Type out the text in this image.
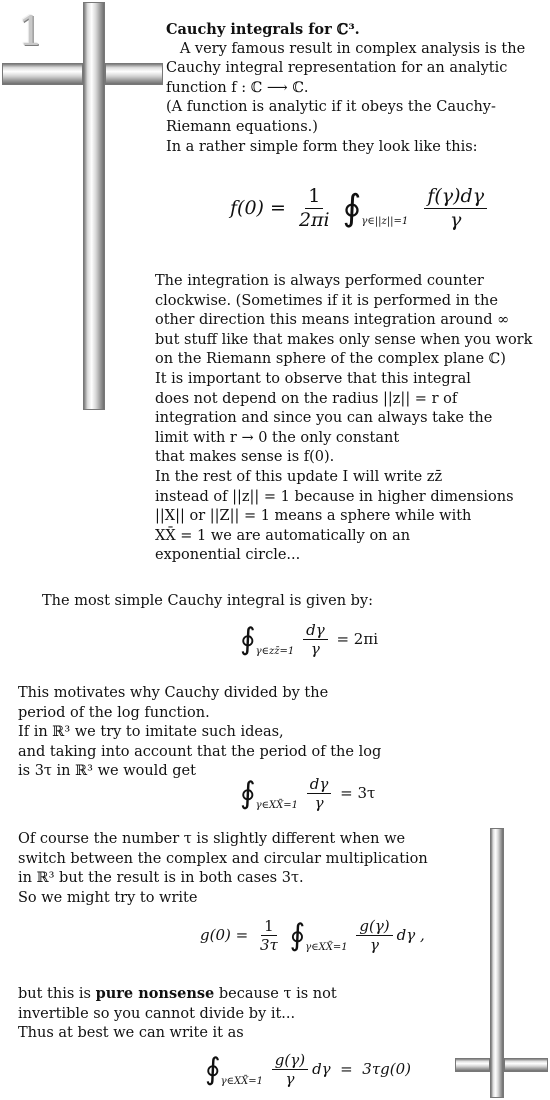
1	Cauchy integrals for ℂ³.
A very famous result in complex analysis is the
Cauchy integral representation for an analytic
function f : ℂ ⟶ ℂ.
(A function is analytic if it obeys the Cauchy-
Riemann equations.)
In a rather simple form they look like this:
$f(0) = \frac{1}{2\pi i}$ $∮_{\gamma\in||z||=1} \frac{f(\gamma)d\gamma}{\gamma}$
The integration is always performed counter
clockwise. (Sometimes if it is performed in the
other direction this means integration around ∞
but stuff like that makes only sense when you work
on the Riemann sphere of the complex plane ℂ)
It is important to observe that this integral
does not depend on the radius ||z|| = r of
integration and since you can always take the
limit with r → 0 the only constant
that makes sense is f(0).
In the rest of this update I will write zz̄
instead of ||z|| = 1 because in higher dimensions
||X|| or ||Z|| = 1 means a sphere while with
XX̄ = 1 we are automatically on an
exponential circle...
The most simple Cauchy integral is given by:
$∮_{\gamma\in zz̄=1} \frac{d\gamma}{\gamma} = 2\pi i$
This motivates why Cauchy divided by the
period of the log function.
If in ℝ³ we try to imitate such ideas,
and taking into account that the period of the log
is 3τ in ℝ³ we would get
$∮_{\gamma\in XX̄=1} \frac{d\gamma}{\gamma} = 3\tau$
Of course the number τ is slightly different when we
switch between the complex and circular multiplication
in ℝ³ but the result is in both cases 3τ.
So we might try to write
$g(0) = \frac{1}{3\tau}$ $∮_{\gamma\in XX̄=1} \frac{g(\gamma)}{\gamma}$ dγ ,
but this is pure nonsense because τ is not
invertible so you cannot divide by it...
Thus at best we can write it as
$∮_{\gamma\in XX̄=1} \frac{g(\gamma)}{\gamma}$ dγ  =  3τg(0)
